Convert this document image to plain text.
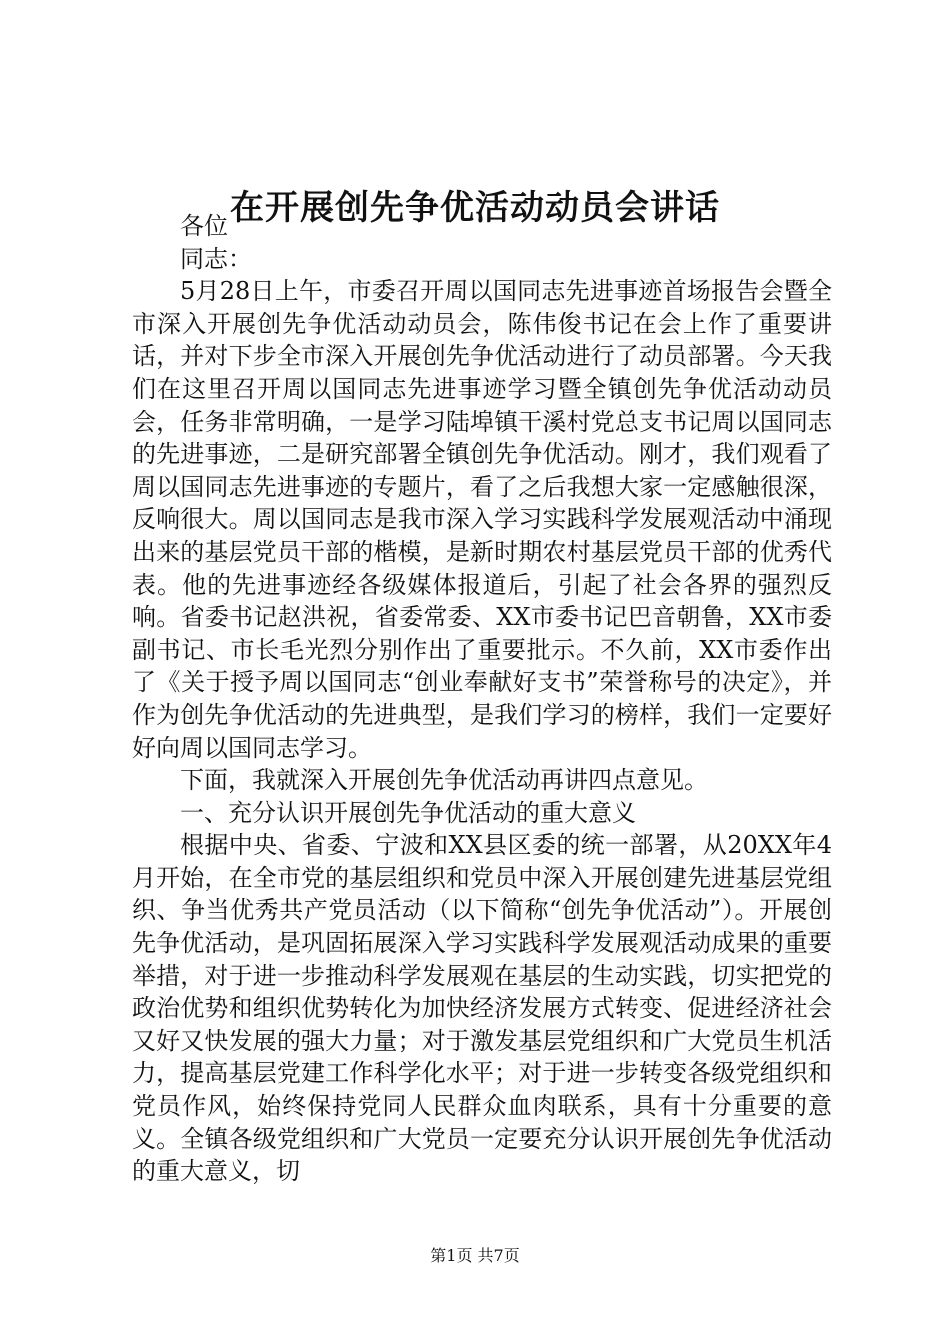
在开展创先争优活动动员会讲话

各位

同志：

5月28日上午，市委召开周以国同志先进事迹首场报告会暨全市深入开展创先争优活动动员会，陈伟俊书记在会上作了重要讲话，并对下步全市深入开展创先争优活动进行了动员部署。今天我们在这里召开周以国同志先进事迹学习暨全镇创先争优活动动员会，任务非常明确，一是学习陆埠镇干溪村党总支书记周以国同志的先进事迹，二是研究部署全镇创先争优活动。刚才，我们观看了周以国同志先进事迹的专题片，看了之后我想大家一定感触很深，反响很大。周以国同志是我市深入学习实践科学发展观活动中涌现出来的基层党员干部的楷模，是新时期农村基层党员干部的优秀代表。他的先进事迹经各级媒体报道后，引起了社会各界的强烈反响。省委书记赵洪祝，省委常委、XX市委书记巴音朝鲁，XX市委副书记、市长毛光烈分别作出了重要批示。不久前，XX市委作出了《关于授予周以国同志“创业奉献好支书”荣誉称号的决定》，并作为创先争优活动的先进典型，是我们学习的榜样，我们一定要好好向周以国同志学习。

下面，我就深入开展创先争优活动再讲四点意见。

一、充分认识开展创先争优活动的重大意义

根据中央、省委、宁波和XX县区委的统一部署，从20XX年4月开始，在全市党的基层组织和党员中深入开展创建先进基层党组织、争当优秀共产党员活动（以下简称“创先争优活动”）。开展创先争优活动，是巩固拓展深入学习实践科学发展观活动成果的重要举措，对于进一步推动科学发展观在基层的生动实践，切实把党的政治优势和组织优势转化为加快经济发展方式转变、促进经济社会又好又快发展的强大力量；对于激发基层党组织和广大党员生机活力，提高基层党建工作科学化水平；对于进一步转变各级党组织和党员作风，始终保持党同人民群众血肉联系，具有十分重要的意义。全镇各级党组织和广大党员一定要充分认识开展创先争优活动的重大意义，切

第1页 共7页
